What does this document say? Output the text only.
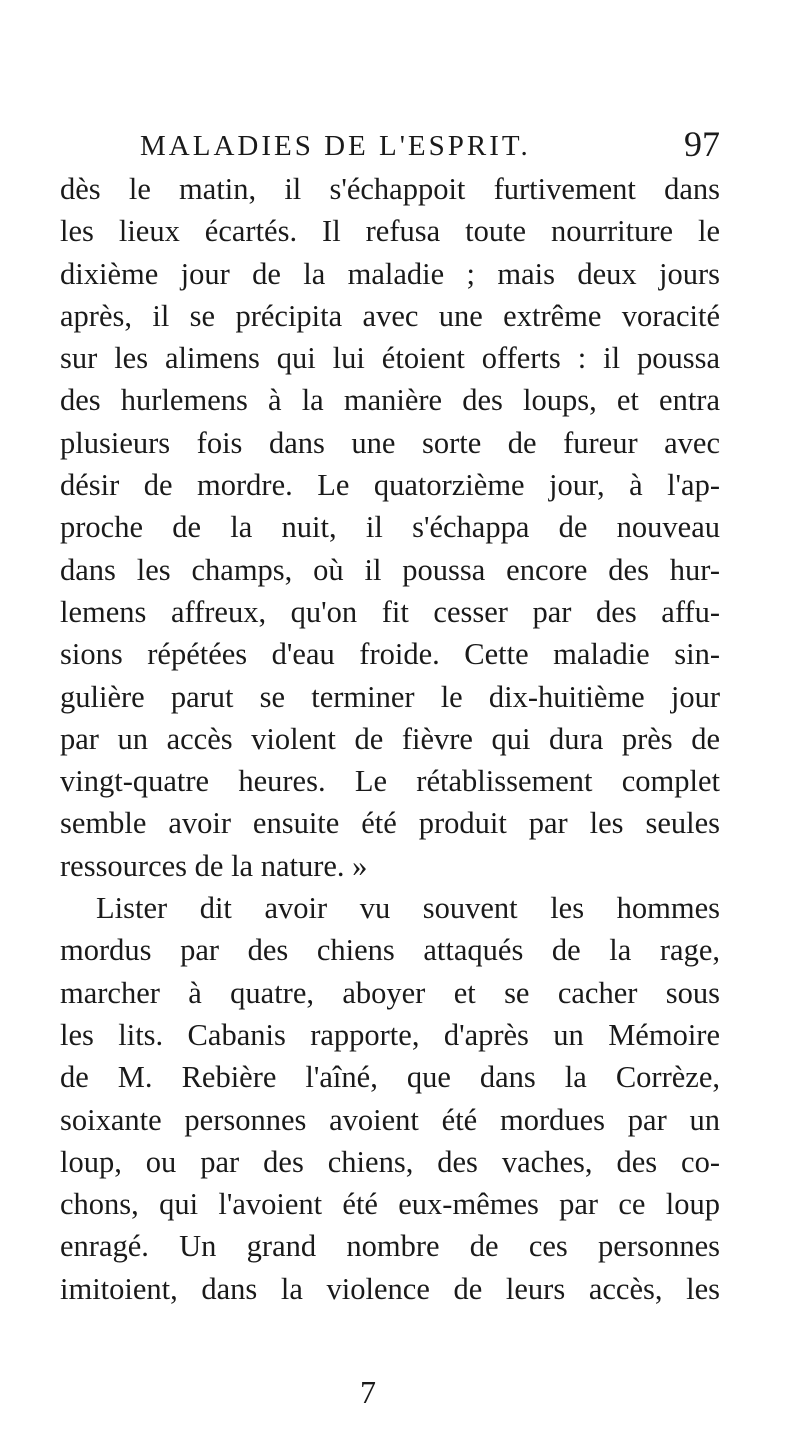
MALADIES DE L'ESPRIT.	97
dès le matin, il s'échappoit furtivement dans
les lieux écartés. Il refusa toute nourriture le
dixième jour de la maladie ; mais deux jours
après, il se précipita avec une extrême voracité
sur les alimens qui lui étoient offerts : il poussa
des hurlemens à la manière des loups, et entra
plusieurs fois dans une sorte de fureur avec
désir de mordre. Le quatorzième jour, à l'ap-
proche de la nuit, il s'échappa de nouveau
dans les champs, où il poussa encore des hur-
lemens affreux, qu'on fit cesser par des affu-
sions répétées d'eau froide. Cette maladie sin-
gulière parut se terminer le dix-huitième jour
par un accès violent de fièvre qui dura près de
vingt-quatre heures. Le rétablissement complet
semble avoir ensuite été produit par les seules
ressources de la nature. »
Lister dit avoir vu souvent les hommes
mordus par des chiens attaqués de la rage,
marcher à quatre, aboyer et se cacher sous
les lits. Cabanis rapporte, d'après un Mémoire
de M. Rebière l'aîné, que dans la Corrèze,
soixante personnes avoient été mordues par un
loup, ou par des chiens, des vaches, des co-
chons, qui l'avoient été eux-mêmes par ce loup
enragé. Un grand nombre de ces personnes
imitoient, dans la violence de leurs accès, les
7
